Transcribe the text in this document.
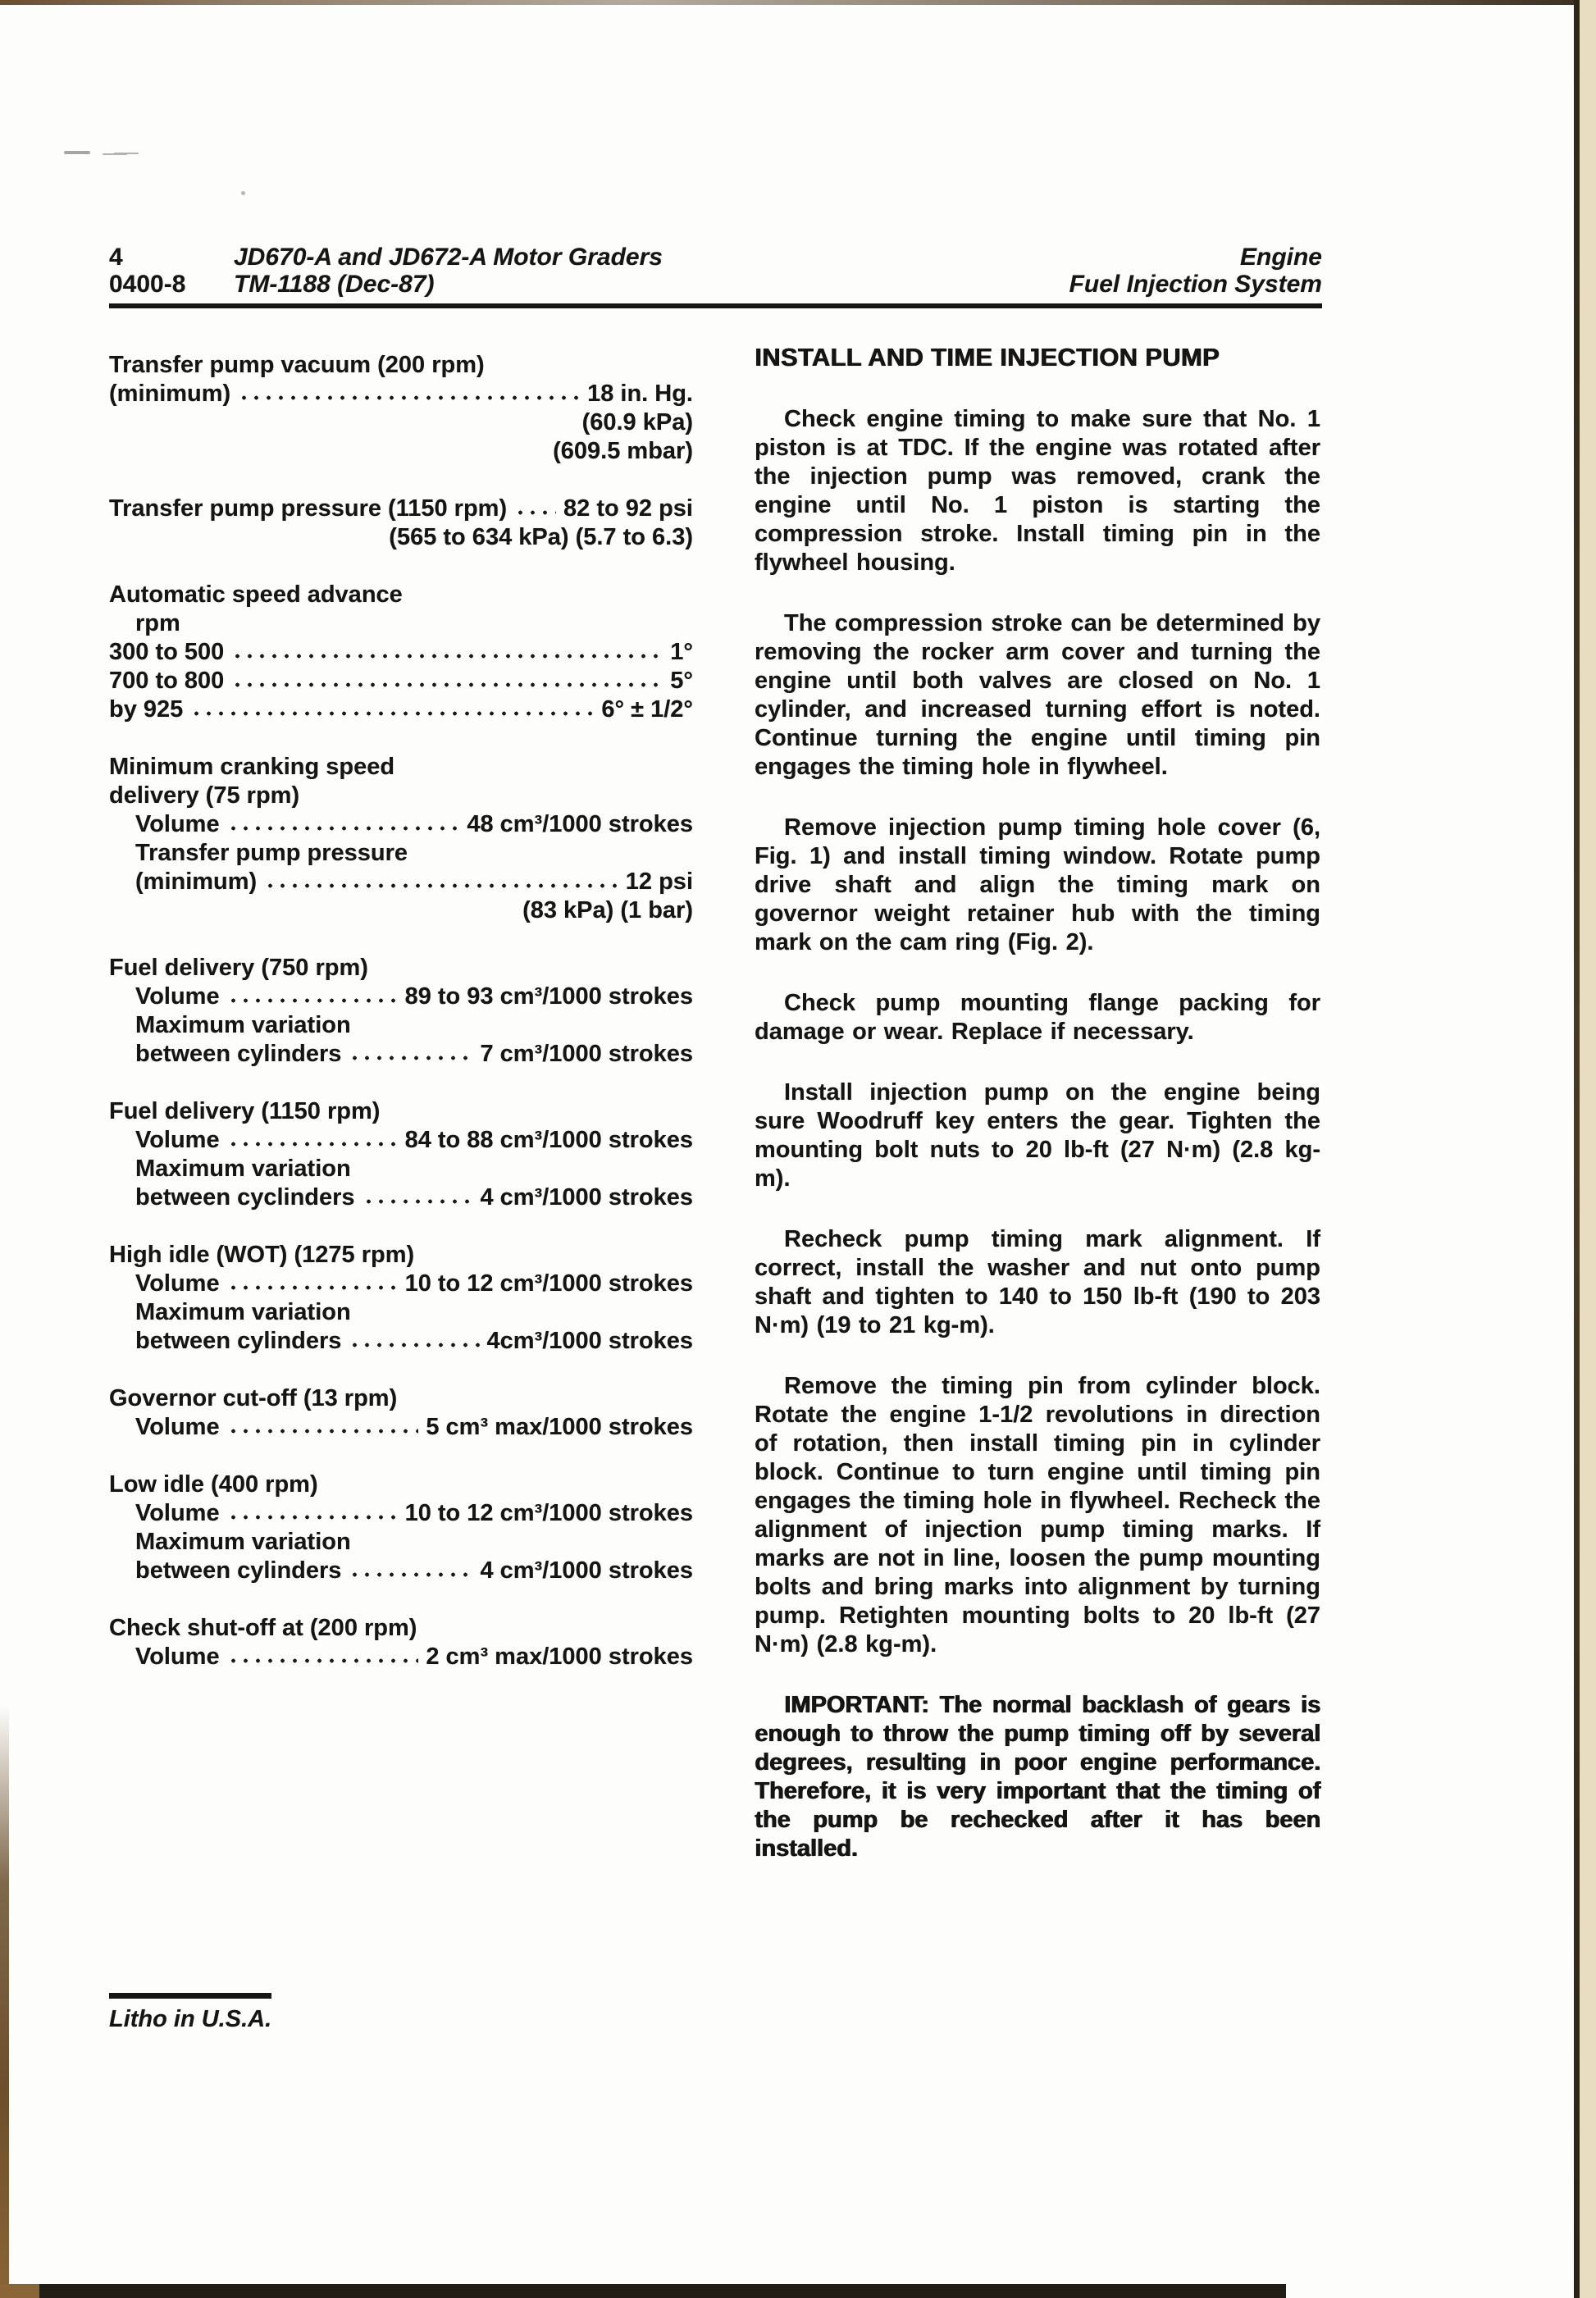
4
0400-8
JD670-A and JD672-A Motor Graders
TM-1188 (Dec-87)
Engine
Fuel Injection System
Transfer pump vacuum (200 rpm)
(minimum)	18 in. Hg.
(60.9 kPa)
(609.5 mbar)
Transfer pump pressure (1150 rpm) 82 to 92 psi
(565 to 634 kPa) (5.7 to 6.3)
Automatic speed advance
rpm
300 to 500	1°
700 to 800	5°
by 925	6° ± 1/2°
Minimum cranking speed
delivery (75 rpm)
Volume	48 cm³/1000 strokes
Transfer pump pressure
(minimum)	12 psi
(83 kPa) (1 bar)
Fuel delivery (750 rpm)
Volume	89 to 93 cm³/1000 strokes
Maximum variation
between cylinders	7 cm³/1000 strokes
Fuel delivery (1150 rpm)
Volume	84 to 88 cm³/1000 strokes
Maximum variation
between cyclinders	4 cm³/1000 strokes
High idle (WOT) (1275 rpm)
Volume	10 to 12 cm³/1000 strokes
Maximum variation
between cylinders	4cm³/1000 strokes
Governor cut-off (13 rpm)
Volume	5 cm³ max/1000 strokes
Low idle (400 rpm)
Volume	10 to 12 cm³/1000 strokes
Maximum variation
between cylinders	4 cm³/1000 strokes
Check shut-off at (200 rpm)
Volume	2 cm³ max/1000 strokes
INSTALL AND TIME INJECTION PUMP

Check engine timing to make sure that No. 1 piston is at TDC. If the engine was rotated after the injection pump was removed, crank the engine until No. 1 piston is starting the compression stroke. Install timing pin in the flywheel housing.

The compression stroke can be determined by removing the rocker arm cover and turning the engine until both valves are closed on No. 1 cylinder, and increased turning effort is noted. Continue turning the engine until timing pin engages the timing hole in flywheel.

Remove injection pump timing hole cover (6, Fig. 1) and install timing window. Rotate pump drive shaft and align the timing mark on governor weight retainer hub with the timing mark on the cam ring (Fig. 2).

Check pump mounting flange packing for damage or wear. Replace if necessary.

Install injection pump on the engine being sure Woodruff key enters the gear. Tighten the mounting bolt nuts to 20 lb-ft (27 N·m) (2.8 kg-m).

Recheck pump timing mark alignment. If correct, install the washer and nut onto pump shaft and tighten to 140 to 150 lb-ft (190 to 203 N·m) (19 to 21 kg-m).

Remove the timing pin from cylinder block. Rotate the engine 1-1/2 revolutions in direction of rotation, then install timing pin in cylinder block. Continue to turn engine until timing pin engages the timing hole in flywheel. Recheck the alignment of injection pump timing marks. If marks are not in line, loosen the pump mounting bolts and bring marks into alignment by turning pump. Retighten mounting bolts to 20 lb-ft (27 N·m) (2.8 kg-m).

IMPORTANT: The normal backlash of gears is enough to throw the pump timing off by several degrees, resulting in poor engine performance. Therefore, it is very important that the timing of the pump be rechecked after it has been installed.

Litho in U.S.A.
